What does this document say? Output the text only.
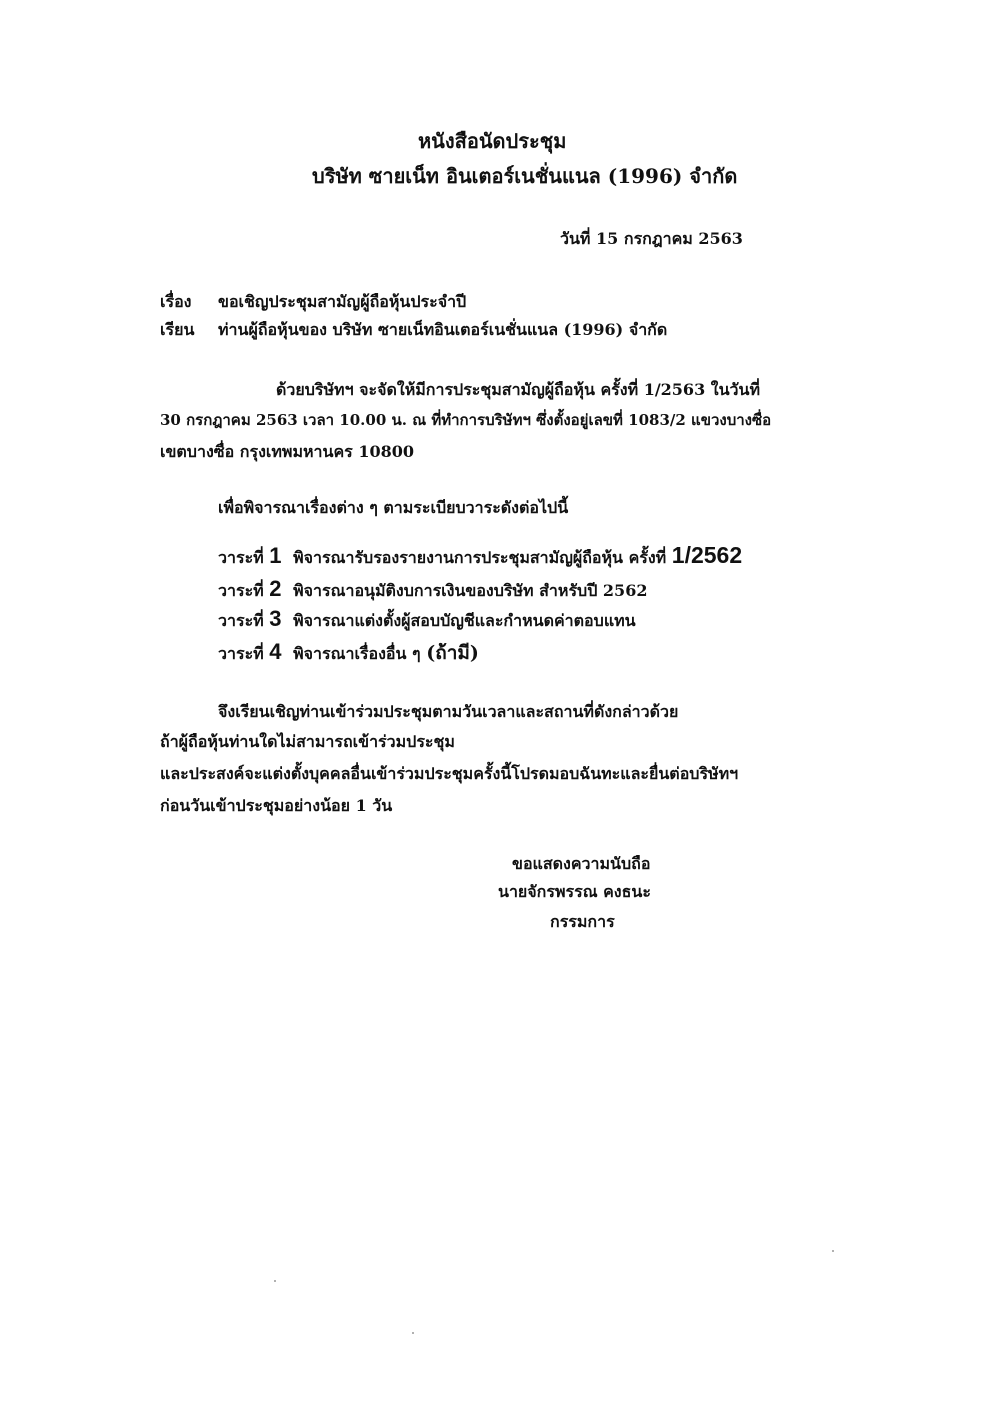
หนังสือนัดประชุม
บริษัท ซายเน็ท อินเตอร์เนชั่นแนล (1996) จำกัด
วันที่ 15 กรกฎาคม 2563
เรื่อง ขอเชิญประชุมสามัญผู้ถือหุ้นประจำปี
เรียน ท่านผู้ถือหุ้นของ บริษัท ซายเน็ทอินเตอร์เนชั่นแนล (1996) จำกัด
ด้วยบริษัทฯ จะจัดให้มีการประชุมสามัญผู้ถือหุ้น ครั้งที่ 1/2563 ในวันที่
30 กรกฎาคม 2563 เวลา 10.00 น. ณ ที่ทำการบริษัทฯ ซึ่งตั้งอยู่เลขที่ 1083/2 แขวงบางซื่อ
เขตบางซื่อ กรุงเทพมหานคร 10800
เพื่อพิจารณาเรื่องต่าง ๆ ตามระเบียบวาระดังต่อไปนี้
วาระที่ 1 พิจารณารับรองรายงานการประชุมสามัญผู้ถือหุ้น ครั้งที่ 1/2562
วาระที่ 2 พิจารณาอนุมัติงบการเงินของบริษัท สำหรับปี 2562
วาระที่ 3 พิจารณาแต่งตั้งผู้สอบบัญชีและกำหนดค่าตอบแทน
วาระที่ 4 พิจารณาเรื่องอื่น ๆ (ถ้ามี)
จึงเรียนเชิญท่านเข้าร่วมประชุมตามวันเวลาและสถานที่ดังกล่าวด้วย
ถ้าผู้ถือหุ้นท่านใดไม่สามารถเข้าร่วมประชุม
และประสงค์จะแต่งตั้งบุคคลอื่นเข้าร่วมประชุมครั้งนี้โปรดมอบฉันทะและยื่นต่อบริษัทฯ
ก่อนวันเข้าประชุมอย่างน้อย 1 วัน
ขอแสดงความนับถือ
นายจักรพรรณ คงธนะ
กรรมการ
